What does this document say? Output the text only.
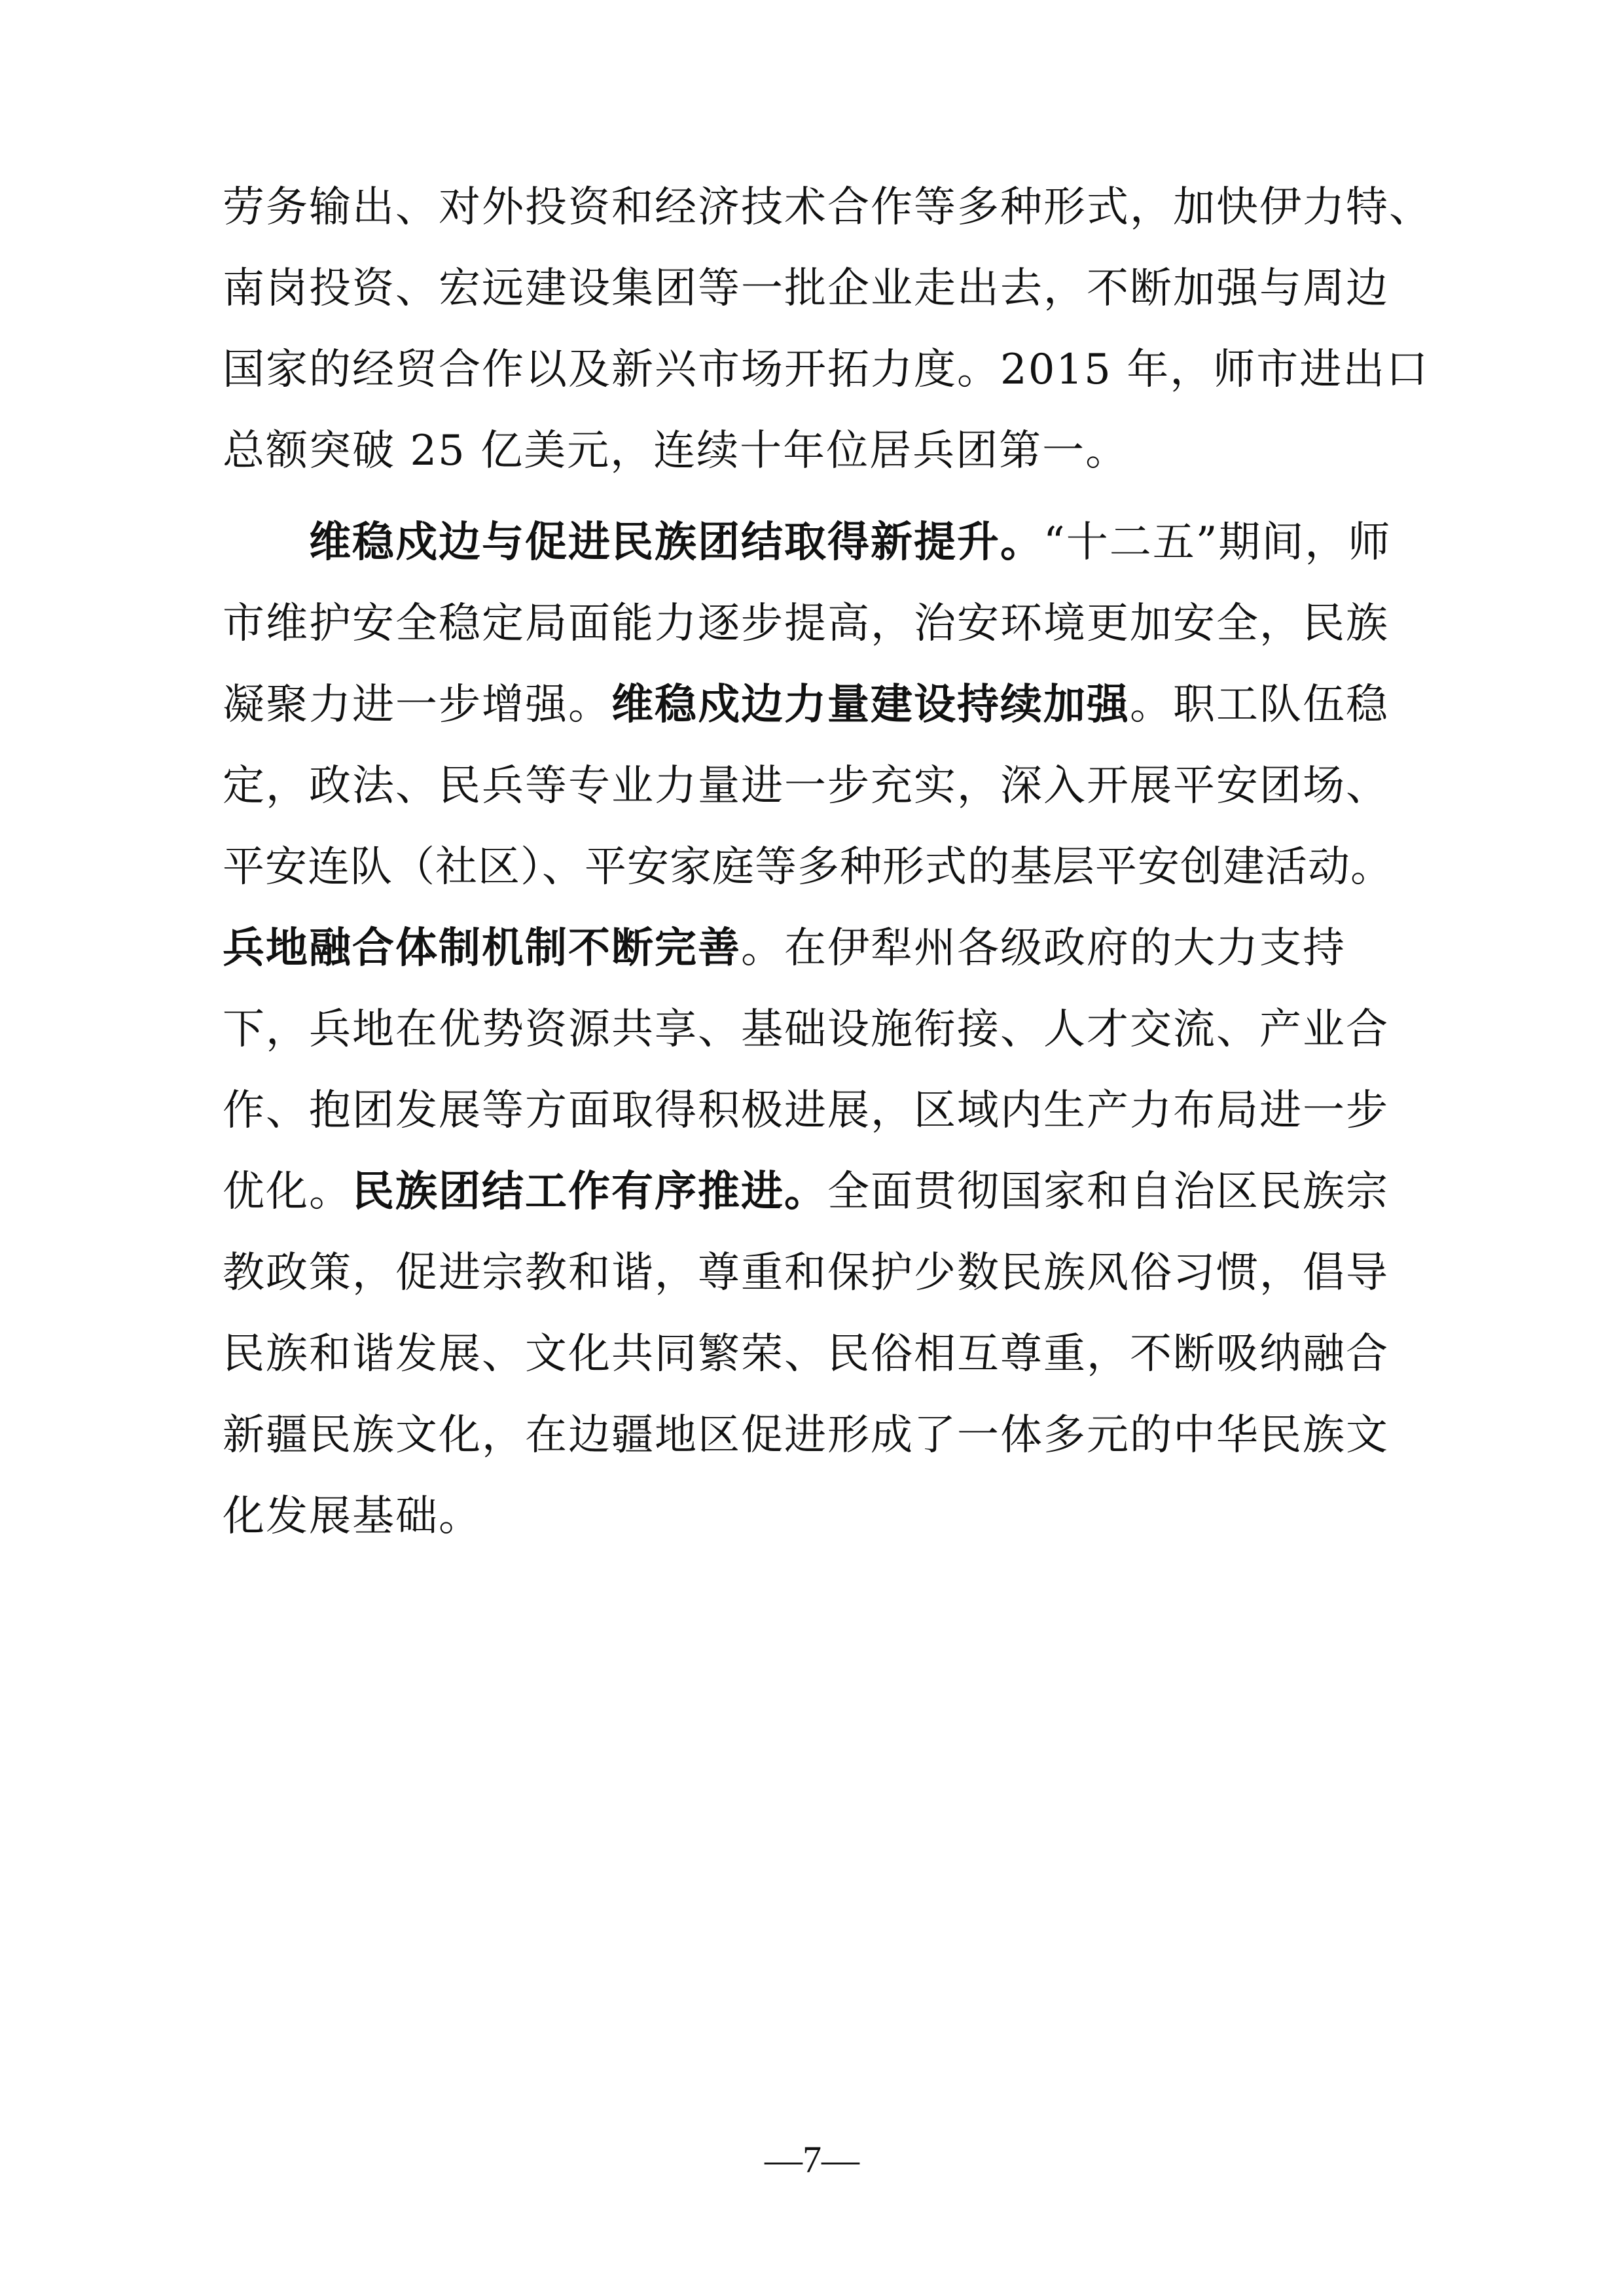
劳务输出、对外投资和经济技术合作等多种形式，加快伊力特、
南岗投资、宏远建设集团等一批企业走出去，不断加强与周边
国家的经贸合作以及新兴市场开拓力度。2015 年，师市进出口
总额突破 25 亿美元，连续十年位居兵团第一。
　　维稳戍边与促进民族团结取得新提升。“十二五”期间，师
市维护安全稳定局面能力逐步提高，治安环境更加安全，民族
凝聚力进一步增强。维稳戍边力量建设持续加强。职工队伍稳
定，政法、民兵等专业力量进一步充实，深入开展平安团场、
平安连队（社区）、平安家庭等多种形式的基层平安创建活动。
兵地融合体制机制不断完善。在伊犁州各级政府的大力支持
下，兵地在优势资源共享、基础设施衔接、人才交流、产业合
作、抱团发展等方面取得积极进展，区域内生产力布局进一步
优化。民族团结工作有序推进。全面贯彻国家和自治区民族宗
教政策，促进宗教和谐，尊重和保护少数民族风俗习惯，倡导
民族和谐发展、文化共同繁荣、民俗相互尊重，不断吸纳融合
新疆民族文化，在边疆地区促进形成了一体多元的中华民族文
化发展基础。
—7—
